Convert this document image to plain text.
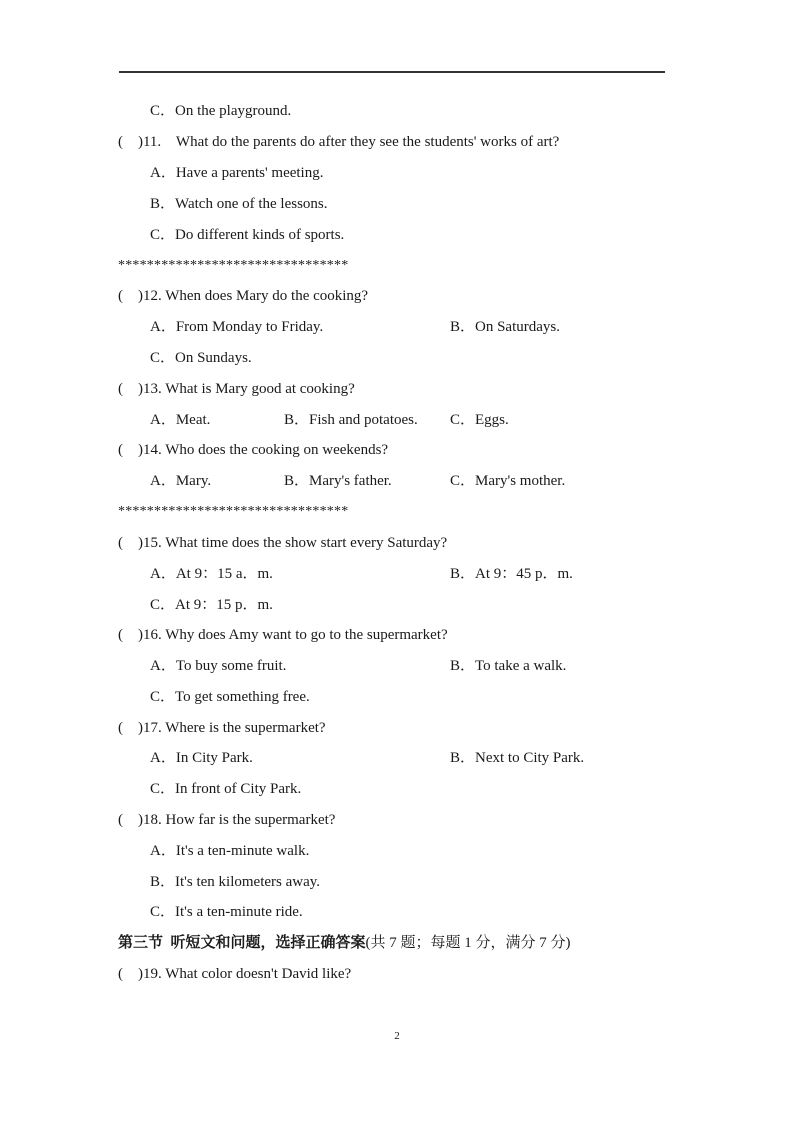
C．On the playground.
(    )11.    What do the parents do after they see the students' works of art?
A．Have a parents' meeting.
B．Watch one of the lessons.
C．Do different kinds of sports.
********************************
(    )12. When does Mary do the cooking?
A．From Monday to Friday.	B．On Saturdays.
C．On Sundays.
(    )13. What is Mary good at cooking?
A．Meat.	B．Fish and potatoes. C．Eggs.
(    )14. Who does the cooking on weekends?
A．Mary.	B．Mary's father.	C．Mary's mother.
********************************
(    )15. What time does the show start every Saturday?
A．At 9：15 a．m.	B．At 9：45 p．m.
C．At 9：15 p．m.
(    )16. Why does Amy want to go to the supermarket?
A．To buy some fruit.	B．To take a walk.
C．To get something free.
(    )17. Where is the supermarket?
A．In City Park.	B．Next to City Park.
C．In front of City Park.
(    )18. How far is the supermarket?
A．It's a ten-minute walk.
B．It's ten kilometers away.
C．It's a ten-minute ride.
第三节  听短文和问题，选择正确答案(共 7 题；每题 1 分，满分 7 分)
(    )19. What color doesn't David like?
2
